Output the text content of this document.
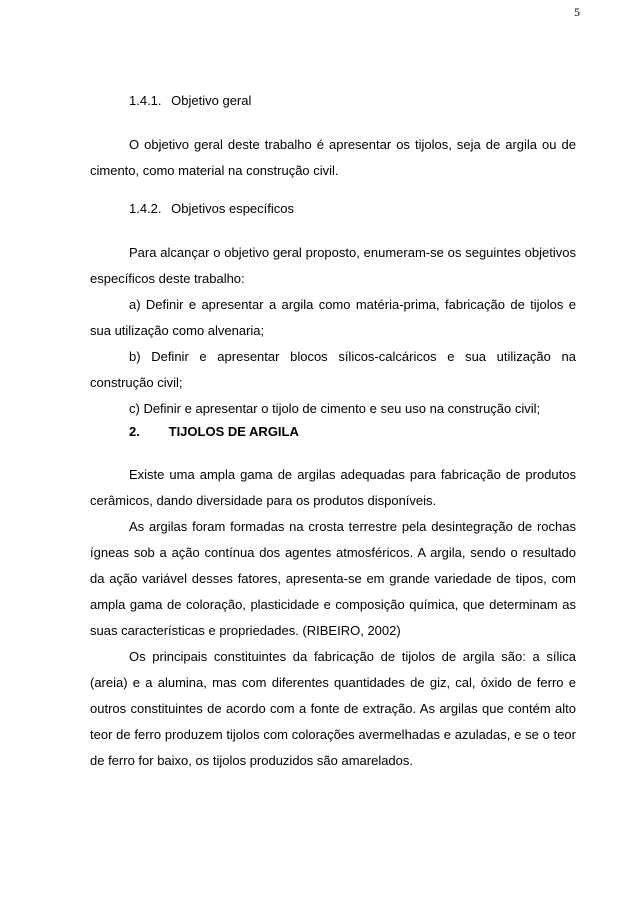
5
1.4.1. Objetivo geral

O objetivo geral deste trabalho é apresentar os tijolos, seja de argila ou de cimento, como material na construção civil.

1.4.2. Objetivos específicos

Para alcançar o objetivo geral proposto, enumeram-se os seguintes objetivos específicos deste trabalho:

a) Definir e apresentar a argila como matéria-prima, fabricação de tijolos e sua utilização como alvenaria;

b) Definir e apresentar blocos sílicos-calcáricos e sua utilização na construção civil;

c) Definir e apresentar o tijolo de cimento e seu uso na construção civil;

2. TIJOLOS DE ARGILA

Existe uma ampla gama de argilas adequadas para fabricação de produtos cerâmicos, dando diversidade para os produtos disponíveis.

As argilas foram formadas na crosta terrestre pela desintegração de rochas ígneas sob a ação contínua dos agentes atmosféricos. A argila, sendo o resultado da ação variável desses fatores, apresenta-se em grande variedade de tipos, com ampla gama de coloração, plasticidade e composição química, que determinam as suas características e propriedades. (RIBEIRO, 2002)

Os principais constituintes da fabricação de tijolos de argila são: a sílica (areia) e a alumina, mas com diferentes quantidades de giz, cal, óxido de ferro e outros constituintes de acordo com a fonte de extração. As argilas que contém alto teor de ferro produzem tijolos com colorações avermelhadas e azuladas, e se o teor de ferro for baixo, os tijolos produzidos são amarelados.
